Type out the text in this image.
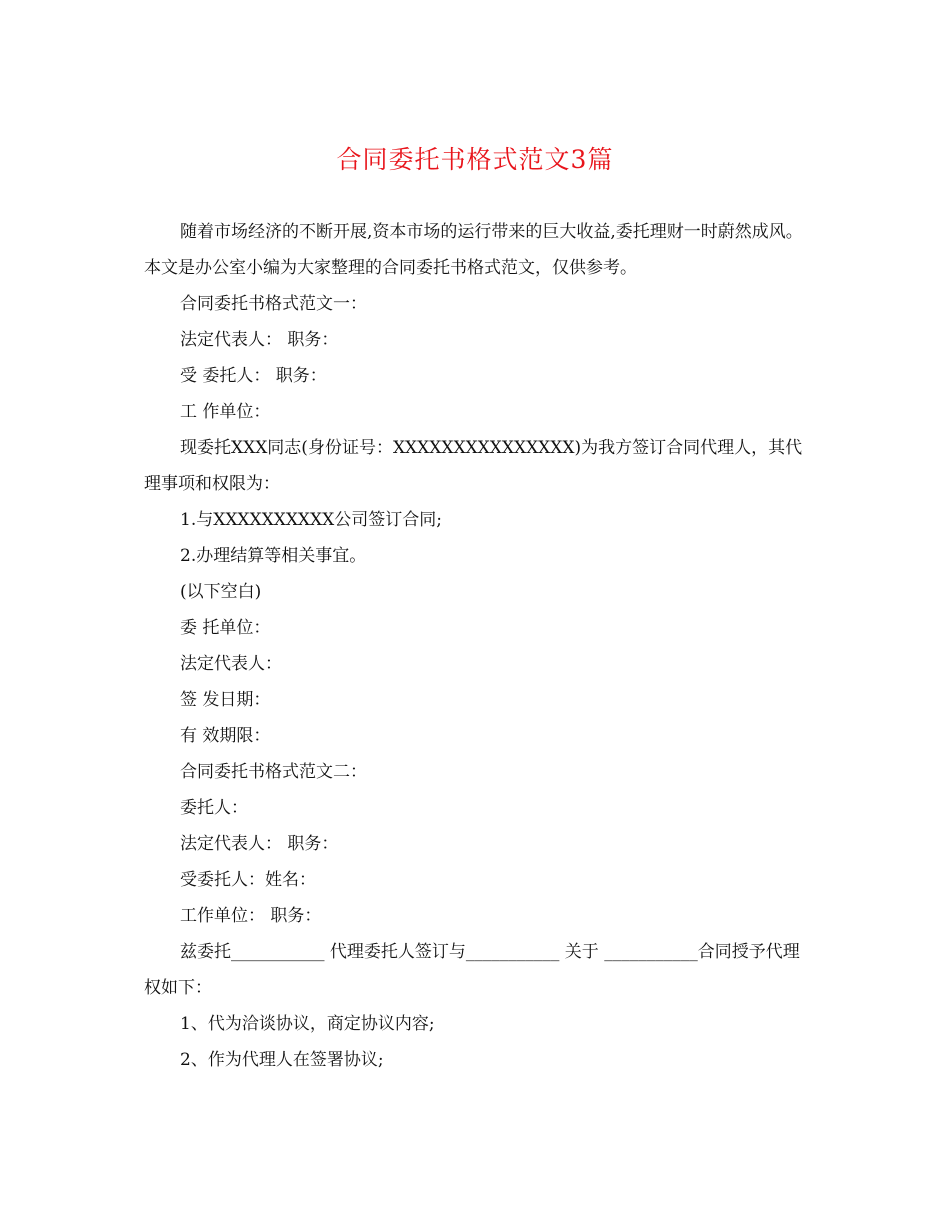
合同委托书格式范文3篇

随着市场经济的不断开展,资本市场的运行带来的巨大收益,委托理财一时蔚然成风。本文是办公室小编为大家整理的合同委托书格式范文，仅供参考。

合同委托书格式范文一：

法定代表人： 职务：

受 委托人： 职务：

工 作单位：

现委托XXX同志(身份证号：XXXXXXXXXXXXXXX)为我方签订合同代理人，其代理事项和权限为：

1.与XXXXXXXXXX公司签订合同;

2.办理结算等相关事宜。

(以下空白)

委 托单位：

法定代表人：

签 发日期：

有 效期限：

合同委托书格式范文二：

委托人：

法定代表人： 职务：

受委托人：姓名：

工作单位： 职务：

兹委托___________ 代理委托人签订与___________ 关于 ___________合同授予代理权如下：

1、代为洽谈协议，商定协议内容;

2、作为代理人在签署协议;
